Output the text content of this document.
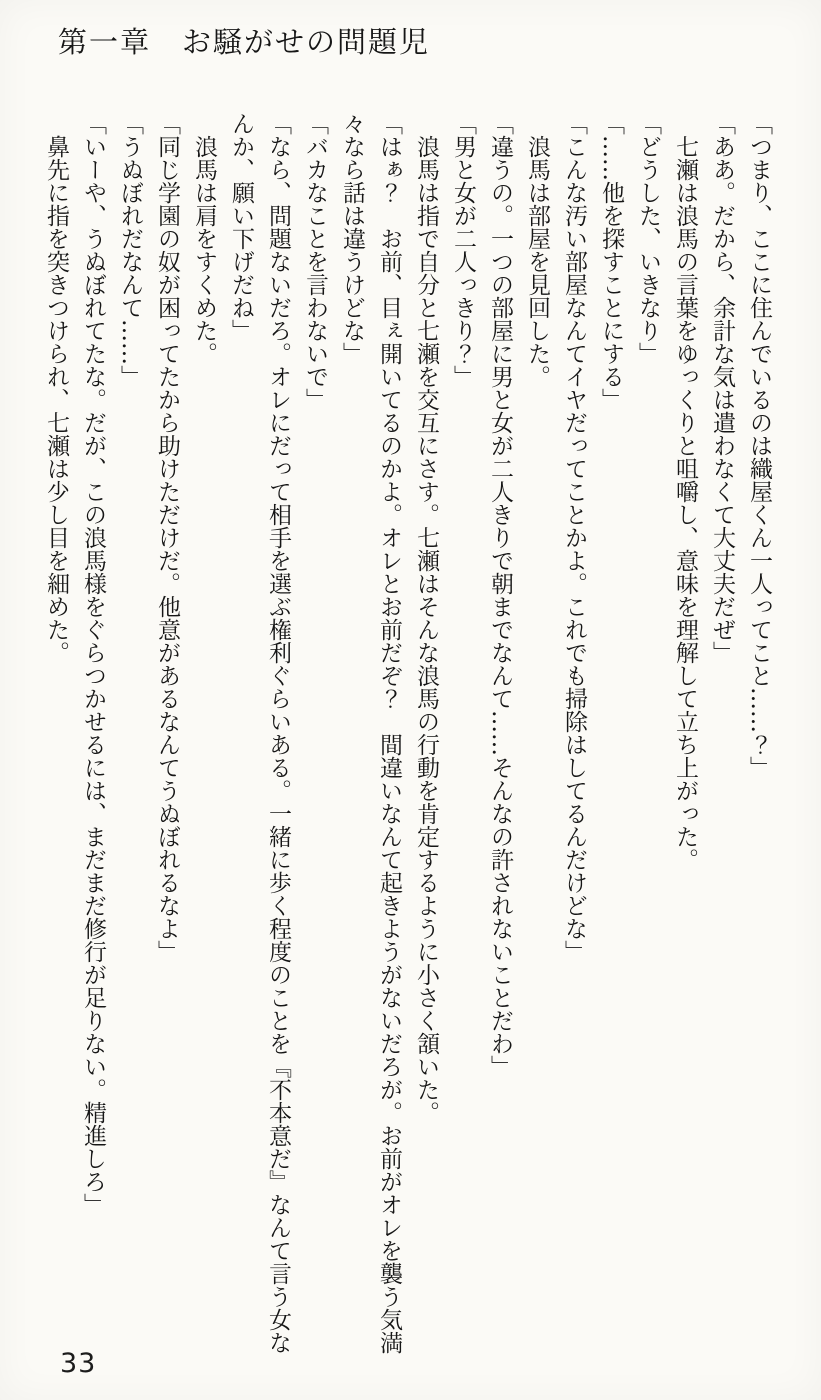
第一章　お騒がせの問題児

「つまり、ここに住んでいるのは織屋くん一人ってこと……？」

「ああ。だから、余計な気は遣わなくて大丈夫だぜ」

七瀬は浪馬の言葉をゆっくりと咀嚼し、意味を理解して立ち上がった。

「どうした、いきなり」

「……他を探すことにする」

「こんな汚い部屋なんてイヤだってことかよ。これでも掃除はしてるんだけどな」

浪馬は部屋を見回した。

「違うの。一つの部屋に男と女が二人きりで朝までなんて……そんなの許されないことだわ」

「男と女が二人っきり？」

浪馬は指で自分と七瀬を交互にさす。七瀬はそんな浪馬の行動を肯定するように小さく頷いた。

「はぁ？　お前、目ぇ開いてるのかよ。オレとお前だぞ？　間違いなんて起きようがないだろが。お前がオレを襲う気満々なら話は違うけどな」

「バカなことを言わないで」

「なら、問題ないだろ。オレにだって相手を選ぶ権利ぐらいある。一緒に歩く程度のことを『不本意だ』なんて言う女なんか、願い下げだね」

浪馬は肩をすくめた。

「同じ学園の奴が困ってたから助けただけだ。他意があるなんてうぬぼれるなよ」

「うぬぼれだなんて……」

「いーや、うぬぼれてたな。だが、この浪馬様をぐらつかせるには、まだまだ修行が足りない。精進しろ」

鼻先に指を突きつけられ、七瀬は少し目を細めた。

33
